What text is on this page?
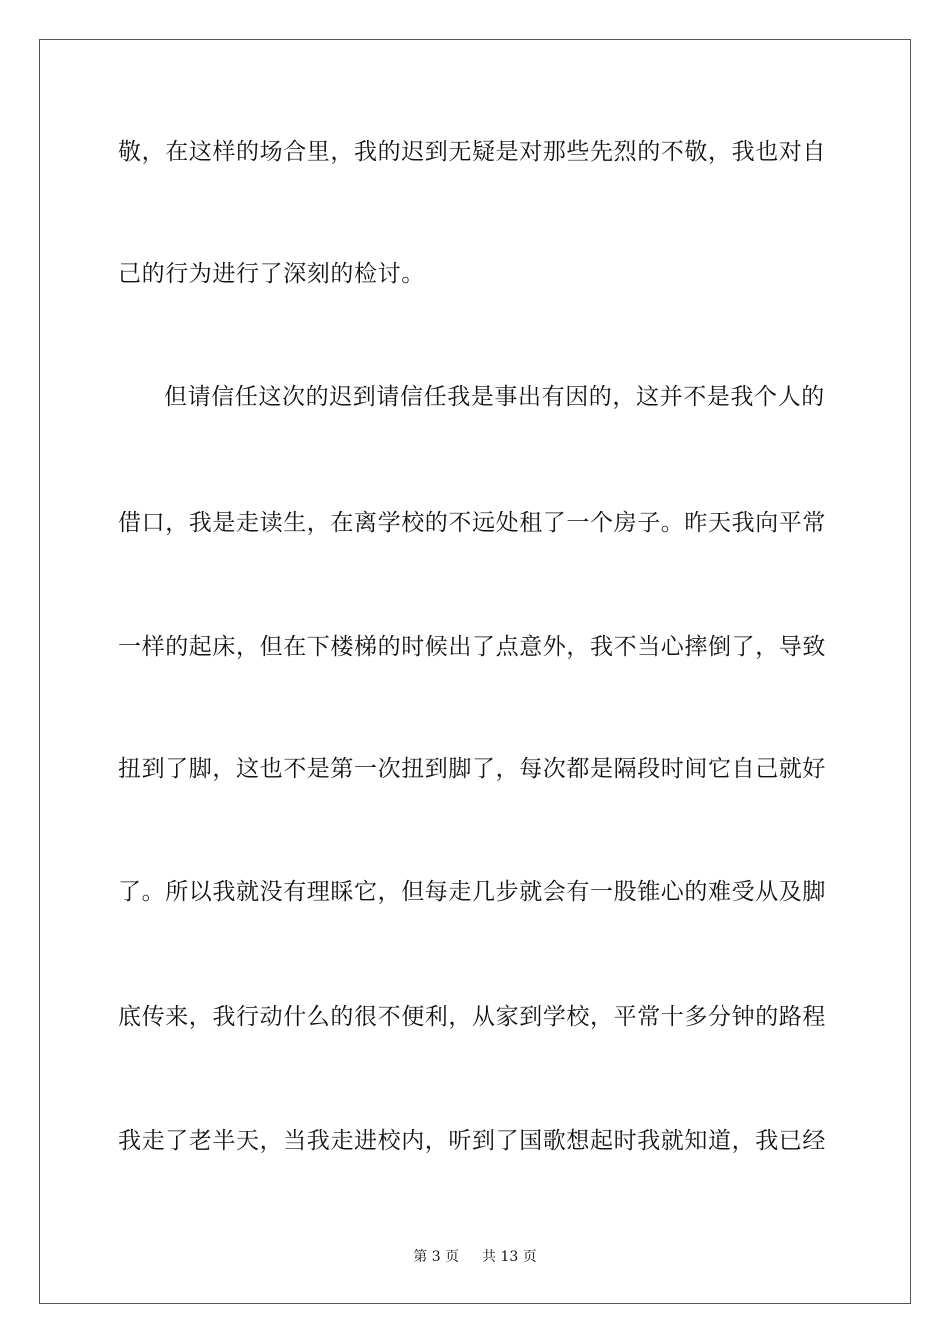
敬，在这样的场合里，我的迟到无疑是对那些先烈的不敬，我也对自
己的行为进行了深刻的检讨。
但请信任这次的迟到请信任我是事出有因的，这并不是我个人的
借口，我是走读生，在离学校的不远处租了一个房子。昨天我向平常
一样的起床，但在下楼梯的时候出了点意外，我不当心摔倒了，导致
扭到了脚，这也不是第一次扭到脚了，每次都是隔段时间它自己就好
了。所以我就没有理睬它，但每走几步就会有一股锥心的难受从及脚
底传来，我行动什么的很不便利，从家到学校，平常十多分钟的路程
我走了老半天，当我走进校内，听到了国歌想起时我就知道，我已经
第 3 页 共 13 页
